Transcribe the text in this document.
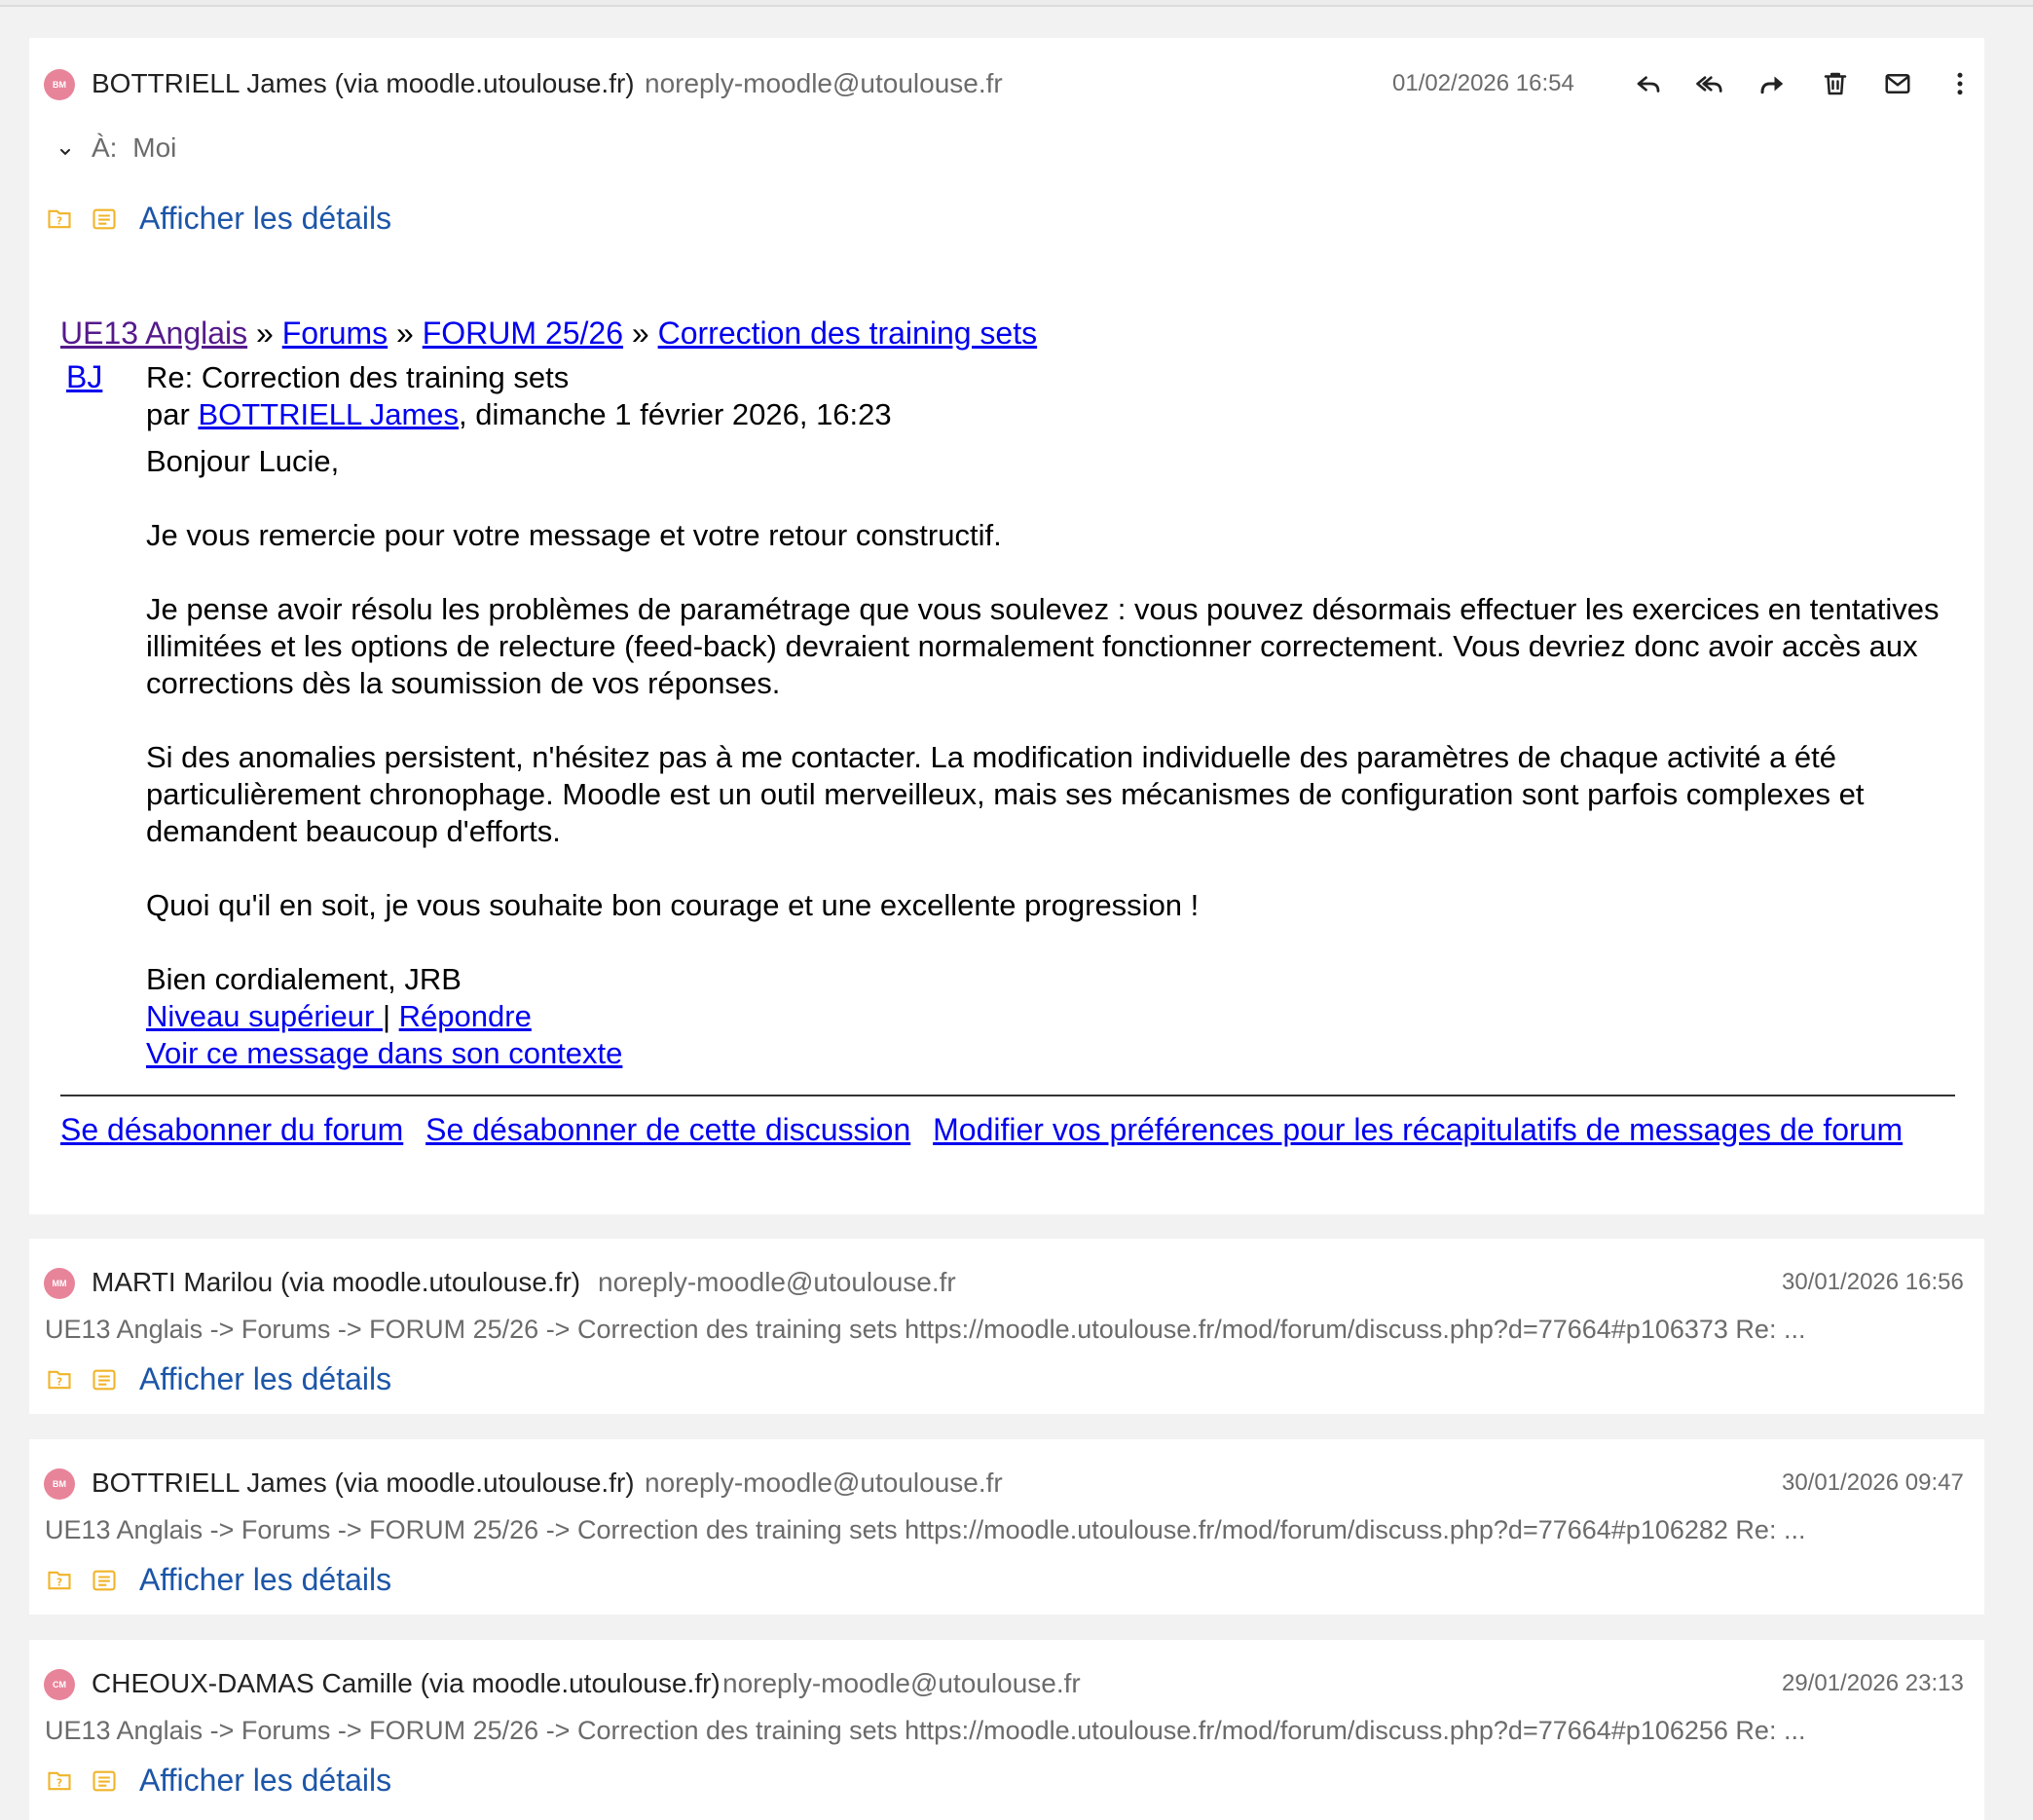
BM BOTTRIELL James (via moodle.utoulouse.fr) noreply-moodle@utoulouse.fr	01/02/2026 16:54
À: Moi
? Afficher les détails
UE13 Anglais » Forums » FORUM 25/26 » Correction des training sets
BJ Re: Correction des training sets

par BOTTRIELL James, dimanche 1 février 2026, 16:23

Bonjour Lucie,

Je vous remercie pour votre message et votre retour constructif.

Je pense avoir résolu les problèmes de paramétrage que vous soulevez : vous pouvez désormais effectuer les exercices en tentatives illimitées et les options de relecture (feed-back) devraient normalement fonctionner correctement. Vous devriez donc avoir accès aux corrections dès la soumission de vos réponses.

Si des anomalies persistent, n'hésitez pas à me contacter. La modification individuelle des paramètres de chaque activité a été particulièrement chronophage. Moodle est un outil merveilleux, mais ses mécanismes de configuration sont parfois complexes et demandent beaucoup d'efforts.

Quoi qu'il en soit, je vous souhaite bon courage et une excellente progression !

Bien cordialement, JRB

Niveau supérieur | Répondre

Voir ce message dans son contexte

Se désabonner du forum Se désabonner de cette discussion Modifier vos préférences pour les récapitulatifs de messages de forum
MM MARTI Marilou (via moodle.utoulouse.fr) noreply-moodle@utoulouse.fr	30/01/2026 16:56
UE13 Anglais -> Forums -> FORUM 25/26 -> Correction des training sets https://moodle.utoulouse.fr/mod/forum/discuss.php?d=77664#p106373 Re: ...
? Afficher les détails
BM BOTTRIELL James (via moodle.utoulouse.fr) noreply-moodle@utoulouse.fr	30/01/2026 09:47
UE13 Anglais -> Forums -> FORUM 25/26 -> Correction des training sets https://moodle.utoulouse.fr/mod/forum/discuss.php?d=77664#p106282 Re: ...
? Afficher les détails
CM CHEOUX-DAMAS Camille (via moodle.utoulouse.fr) noreply-moodle@utoulouse.fr	29/01/2026 23:13
UE13 Anglais -> Forums -> FORUM 25/26 -> Correction des training sets https://moodle.utoulouse.fr/mod/forum/discuss.php?d=77664#p106256 Re: ...
? Afficher les détails
